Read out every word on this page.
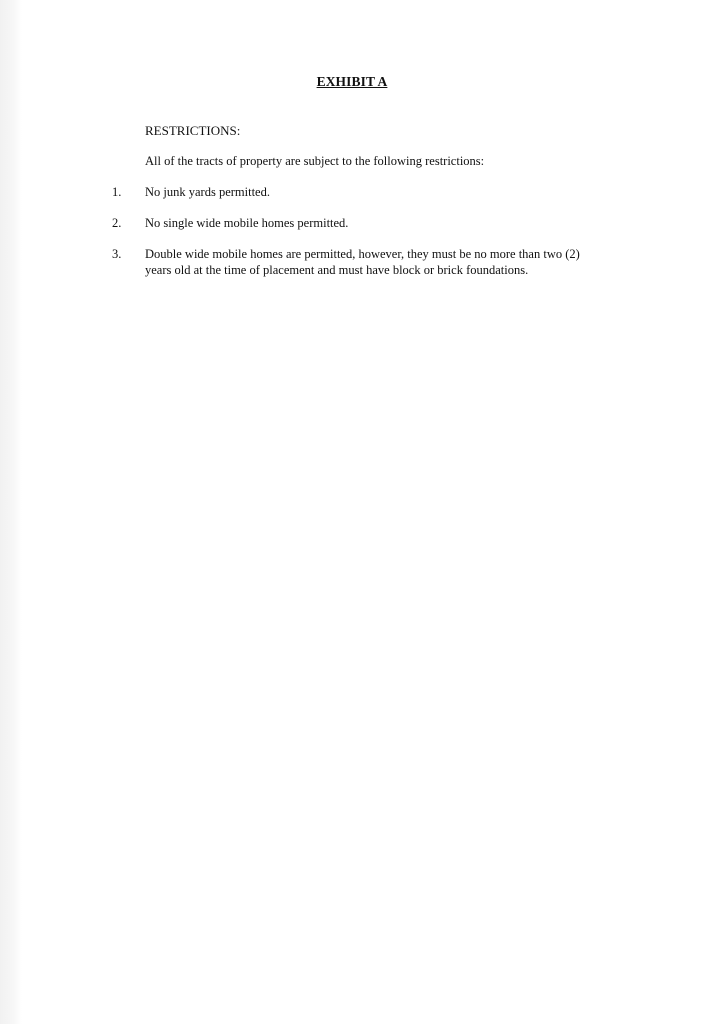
EXHIBIT A
RESTRICTIONS:
All of the tracts of property are subject to the following restrictions:
1. No junk yards permitted.
2. No single wide mobile homes permitted.
3. Double wide mobile homes are permitted, however, they must be no more than two (2) years old at the time of placement and must have block or brick foundations.
